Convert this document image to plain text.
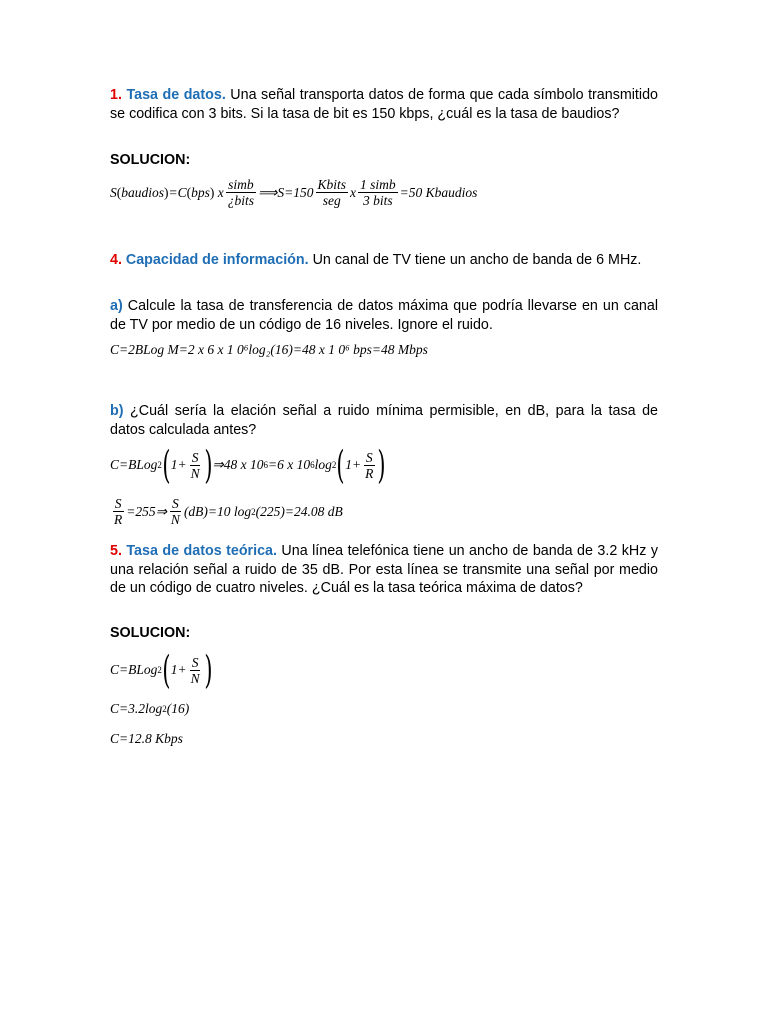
1. Tasa de datos. Una señal transporta datos de forma que cada símbolo transmitido se codifica con 3 bits. Si la tasa de bit es 150 kbps, ¿cuál es la tasa de baudios?

SOLUCION:

S ( baudios ) =C ( bps )
x $\frac{\text{simb}}{\text{¿bits}}$ ⟹S=150 $\frac{\text{Kbits}}{\text{seg}}$ x $\frac{\text{1 simb}}{\text{3 bits}} =50$
Kbaudios

4. Capacidad de información. Un canal de TV tiene un ancho de banda de 6 MHz.

a) Calcule la tasa de transferencia de datos máxima que podría llevarse en un canal de TV por medio de un código de 16 niveles. Ignore el ruido.

C=2BLog M=2 x 6 x 1 0⁶log₂(16)=48 x 1 0⁶ bps=48 Mbps

b) ¿Cuál sería la elación señal a ruido mínima permisible, en dB, para la tasa de datos calculada antes?

C=BLog 2 ( $1+ \frac{S}{N}$ ) ⇒48 x 10 6 =6 x 10 6 log 2 ( $1+ \frac{S}{R}$ )
$\frac{S}{R}$ =255⇒ $\frac{S}{N} (dB)=10$ log 2 (225)=24.08 dB

5. Tasa de datos teórica. Una línea telefónica tiene un ancho de banda de 3.2 kHz y una relación señal a ruido de 35 dB. Por esta línea se transmite una señal por medio de un código de cuatro niveles. ¿Cuál es la tasa teórica máxima de datos?

SOLUCION:

C=BLog 2 ( $1+ \frac{S}{N}$ )
C=3.2log 2 (16)
C=12.8
Kbps
